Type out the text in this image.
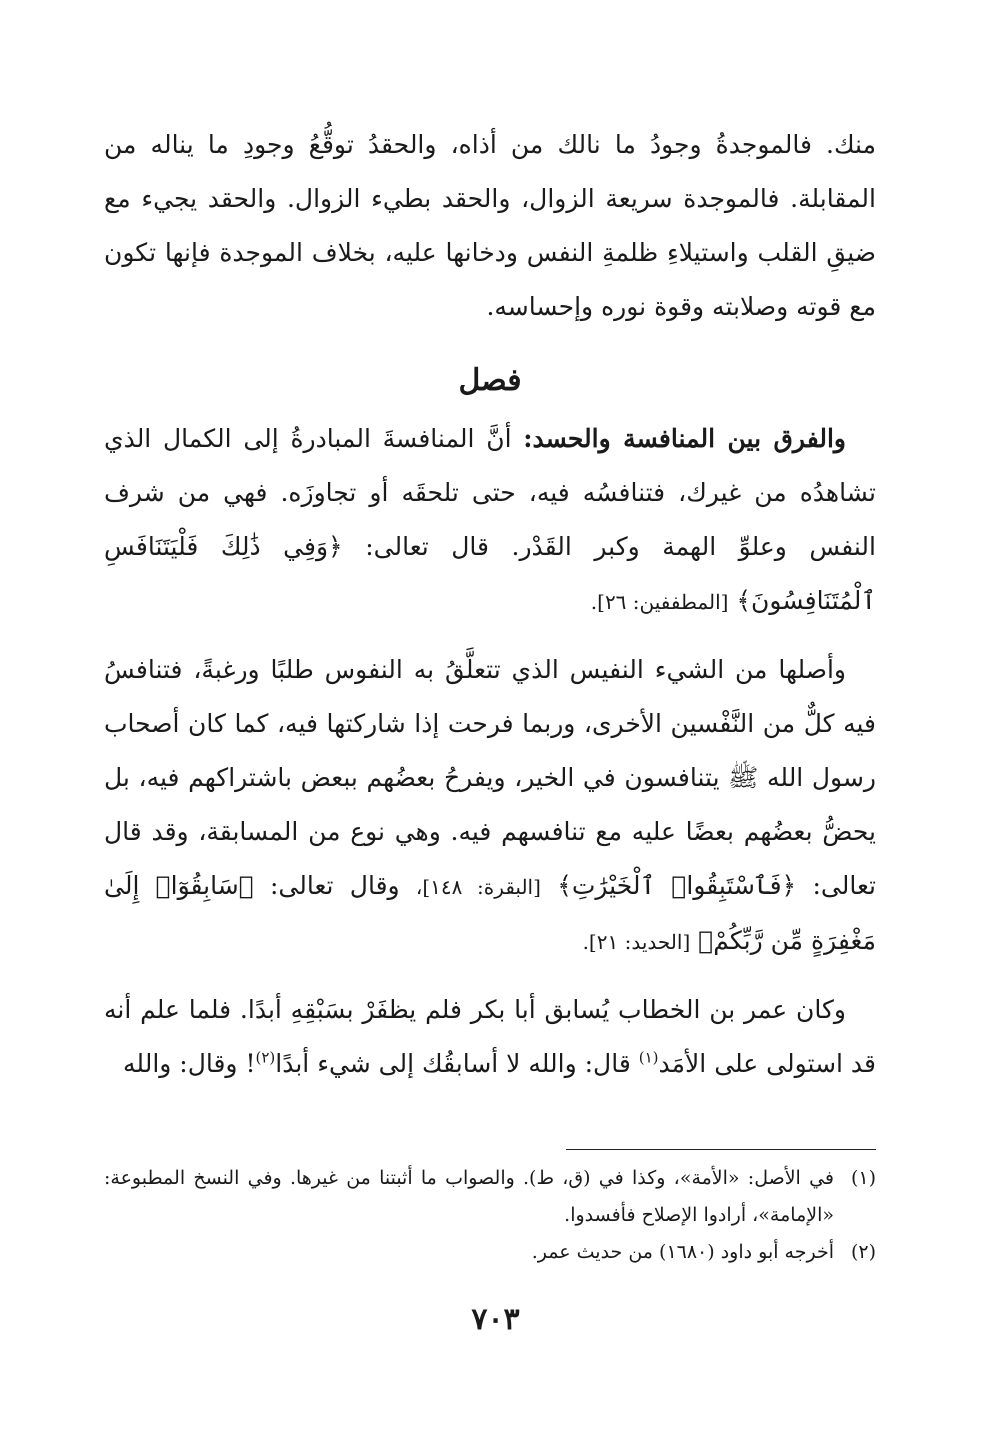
منك. فالموجدةُ وجودُ ما نالك من أذاه، والحقدُ توقُّعُ وجودِ ما يناله من المقابلة. فالموجدة سريعة الزوال، والحقد بطيء الزوال. والحقد يجيء مع ضيقِ القلب واستيلاءِ ظلمةِ النفس ودخانها عليه، بخلاف الموجدة فإنها تكون مع قوته وصلابته وقوة نوره وإحساسه.

فصل

والفرق بين المنافسة والحسد: أنَّ المنافسةَ المبادرةُ إلى الكمال الذي تشاهدُه من غيرك، فتنافسُه فيه، حتى تلحقَه أو تجاوزَه. فهي من شرف النفس وعلوِّ الهمة وكبر القَدْر. قال تعالى: ﴿وَفِي ذَٰلِكَ فَلْيَتَنَافَسِ ٱلْمُتَنَافِسُونَ﴾ [المطففين: ٢٦].

وأصلها من الشيء النفيس الذي تتعلَّقُ به النفوس طلبًا ورغبةً، فتنافسُ فيه كلٌّ من النَّفْسين الأخرى، وربما فرحت إذا شاركتها فيه، كما كان أصحاب رسول الله ﷺ يتنافسون في الخير، ويفرحُ بعضُهم ببعض باشتراكهم فيه، بل يحضُّ بعضُهم بعضًا عليه مع تنافسهم فيه. وهي نوع من المسابقة، وقد قال تعالى: ﴿فَٱسْتَبِقُوا۟ ٱلْخَيْرَٰتِ﴾ [البقرة: ١٤٨]، وقال تعالى: ﴿سَابِقُوٓا۟ إِلَىٰ مَغْفِرَةٍ مِّن رَّبِّكُمْ﴾ [الحديد: ٢١].

وكان عمر بن الخطاب يُسابق أبا بكر فلم يظفَرْ بسَبْقِهِ أبدًا. فلما علم أنه قد استولى على الأمَد$^{(١)}$ قال: والله لا أسابقُك إلى شيء أبدًا$^{(٢)}$! وقال: والله

(١)
في الأصل: «الأمة»، وكذا في (ق، ط). والصواب ما أثبتنا من غيرها. وفي النسخ المطبوعة: «الإمامة»، أرادوا الإصلاح فأفسدوا.
(٢)
أخرجه أبو داود (١٦٨٠) من حديث عمر.
٧٠٣
